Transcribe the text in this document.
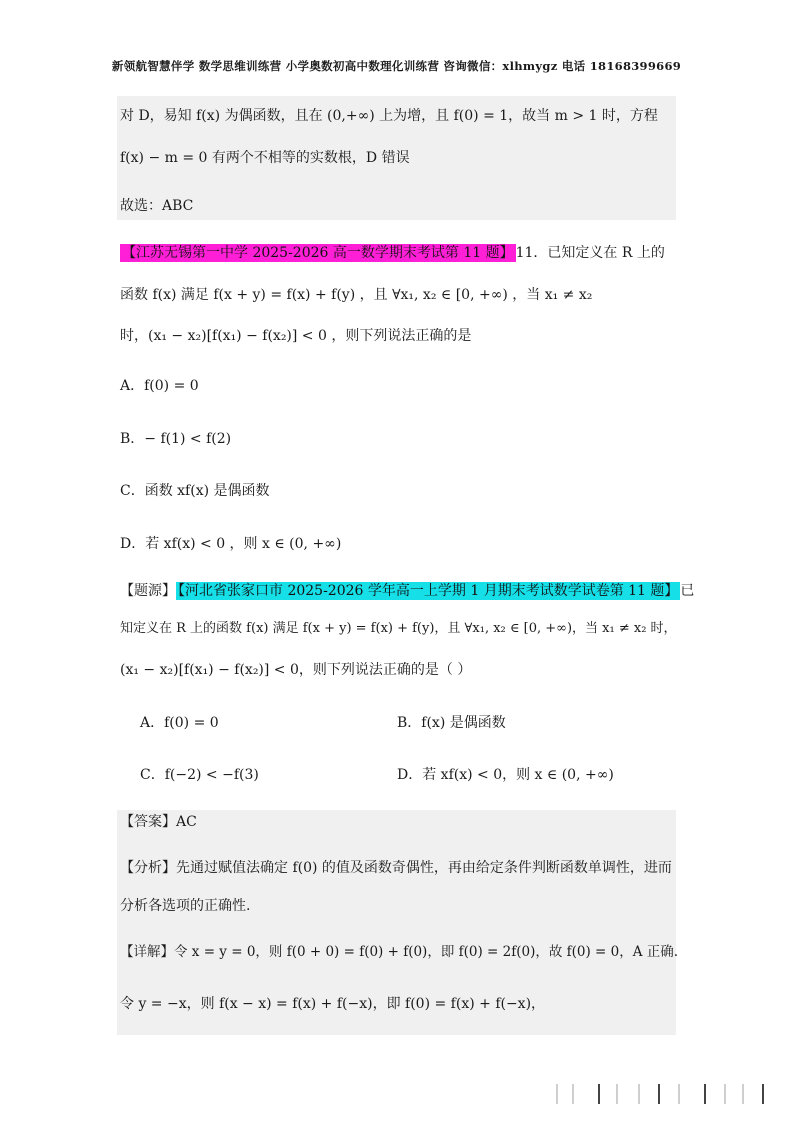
新领航智慧伴学 数学思维训练营 小学奥数初高中数理化训练营 咨询微信：xlhmygz 电话 18168399669
对 D，易知 f(x) 为偶函数，且在 (0,+∞) 上为增，且 f(0) = 1，故当 m > 1 时，方程
f(x) − m = 0 有两个不相等的实数根，D 错误
故选：ABC
【江苏无锡第一中学 2025-2026 高一数学期末考试第 11 题】 11．已知定义在 R 上的
函数 f(x) 满足 f(x + y) = f(x) + f(y) ，且 ∀x₁, x₂ ∈ [0, +∞) ，当 x₁ ≠ x₂
时，(x₁ − x₂)[f(x₁) − f(x₂)] < 0 ，则下列说法正确的是
A．f(0) = 0
B．− f(1) < f(2)
C．函数 xf(x) 是偶函数
D．若 xf(x) < 0 ，则 x ∈ (0, +∞)
【题源】 【河北省张家口市 2025-2026 学年高一上学期 1 月期末考试数学试卷第 11 题】 已
知定义在 R 上的函数 f(x) 满足 f(x + y) = f(x) + f(y)，且 ∀x₁, x₂ ∈ [0, +∞)，当 x₁ ≠ x₂ 时，
(x₁ − x₂)[f(x₁) − f(x₂)] < 0，则下列说法正确的是（ ）
A．f(0) = 0	B．f(x) 是偶函数
C．f(−2) < −f(3)	D．若 xf(x) < 0，则 x ∈ (0, +∞)
【答案】AC
【分析】先通过赋值法确定 f(0) 的值及函数奇偶性，再由给定条件判断函数单调性，进而
分析各选项的正确性.
【详解】令 x = y = 0，则 f(0 + 0) = f(0) + f(0)，即 f(0) = 2f(0)，故 f(0) = 0，A 正确.
令 y = −x，则 f(x − x) = f(x) + f(−x)，即 f(0) = f(x) + f(−x)，
